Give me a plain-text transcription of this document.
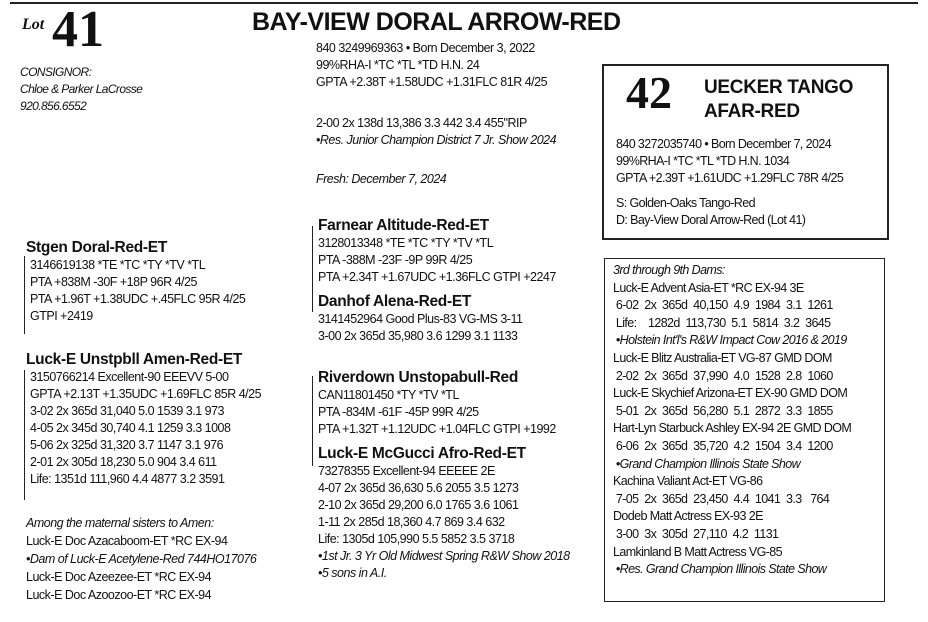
Lot 41	BAY-VIEW DORAL ARROW-RED
CONSIGNOR:
Chloe & Parker LaCrosse
920.856.6552
840 3249969363 • Born December 3, 2022
99%RHA-I *TC *TL *TD H.N. 24
GPTA +2.38T +1.58UDC +1.31FLC 81R 4/25
2-00 2x 138d 13,386 3.3 442 3.4 455"RIP
•Res. Junior Champion District 7 Jr. Show 2024
Fresh: December 7, 2024
Farnear Altitude-Red-ET
3128013348 *TE *TC *TY *TV *TL
PTA -388M -23F -9P 99R 4/25
PTA +2.34T +1.67UDC +1.36FLC GTPI +2247
Danhof Alena-Red-ET
3141452964 Good Plus-83 VG-MS 3-11
3-00 2x 365d 35,980 3.6 1299 3.1 1133
Riverdown Unstopabull-Red
CAN11801450 *TY *TV *TL
PTA -834M -61F -45P 99R 4/25
PTA +1.32T +1.12UDC +1.04FLC GTPI +1992
Luck-E McGucci Afro-Red-ET
73278355 Excellent-94 EEEEE 2E
4-07 2x 365d 36,630 5.6 2055 3.5 1273
2-10 2x 365d 29,200 6.0 1765 3.6 1061
1-11 2x 285d 18,360 4.7 869 3.4 632
Life: 1305d 105,990 5.5 5852 3.5 3718
•1st Jr. 3 Yr Old Midwest Spring R&W Show 2018
•5 sons in A.I.
Stgen Doral-Red-ET
3146619138 *TE *TC *TY *TV *TL
PTA +838M -30F +18P 96R 4/25
PTA +1.96T +1.38UDC +.45FLC 95R 4/25
GTPI +2419
Luck-E Unstpbll Amen-Red-ET
3150766214 Excellent-90 EEEVV 5-00
GPTA +2.13T +1.35UDC +1.69FLC 85R 4/25
3-02 2x 365d 31,040 5.0 1539 3.1 973
4-05 2x 345d 30,740 4.1 1259 3.3 1008
5-06 2x 325d 31,320 3.7 1147 3.1 976
2-01 2x 305d 18,230 5.0 904 3.4 611
Life: 1351d 111,960 4.4 4877 3.2 3591
Among the maternal sisters to Amen:
Luck-E Doc Azacaboom-ET *RC EX-94
•Dam of Luck-E Acetylene-Red 744HO17076
Luck-E Doc Azeezee-ET *RC EX-94
Luck-E Doc Azoozoo-ET *RC EX-94
42 UECKER TANGO
AFAR-RED
840 3272035740 • Born December 7, 2024
99%RHA-I *TC *TL *TD H.N. 1034
GPTA +2.39T +1.61UDC +1.29FLC 78R 4/25
S: Golden-Oaks Tango-Red
D: Bay-View Doral Arrow-Red (Lot 41)
3rd through 9th Dams:
Luck-E Advent Asia-ET *RC EX-94 3E
6-02  2x  365d  40,150  4.9  1984  3.1  1261
Life:    1282d  113,730  5.1  5814  3.2  3645
•Holstein Int'l's R&W Impact Cow 2016 & 2019
Luck-E Blitz Australia-ET VG-87 GMD DOM
2-02  2x  365d  37,990  4.0  1528  2.8  1060
Luck-E Skychief Arizona-ET EX-90 GMD DOM
5-01  2x  365d  56,280  5.1  2872  3.3  1855
Hart-Lyn Starbuck Ashley EX-94 2E GMD DOM
6-06  2x  365d  35,720  4.2  1504  3.4  1200
•Grand Champion Illinois State Show
Kachina Valiant Act-ET VG-86
7-05  2x  365d  23,450  4.4  1041  3.3   764
Dodeb Matt Actress EX-93 2E
3-00  3x  305d  27,110  4.2  1131
Lamkinland B Matt Actress VG-85
•Res. Grand Champion Illinois State Show
